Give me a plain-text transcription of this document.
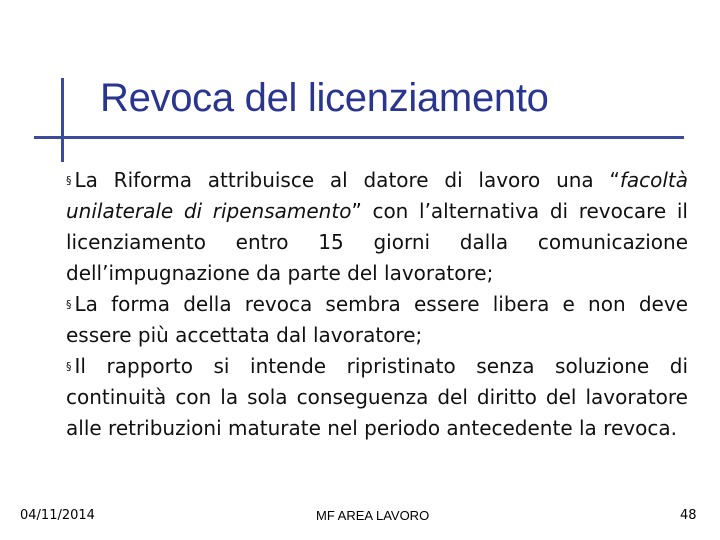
Revoca del licenziamento

§ La Riforma attribuisce al datore di lavoro una “facoltà unilaterale di ripensamento” con l’alternativa di revocare il licenziamento entro 15 giorni dalla comunicazione dell’impugnazione da parte del lavoratore;

§ La forma della revoca sembra essere libera e non deve essere più accettata dal lavoratore;

§ Il rapporto si intende ripristinato senza soluzione di continuità con la sola conseguenza del diritto del lavoratore alle retribuzioni maturate nel periodo antecedente la revoca.

04/11/2014	MF AREA LAVORO	48
